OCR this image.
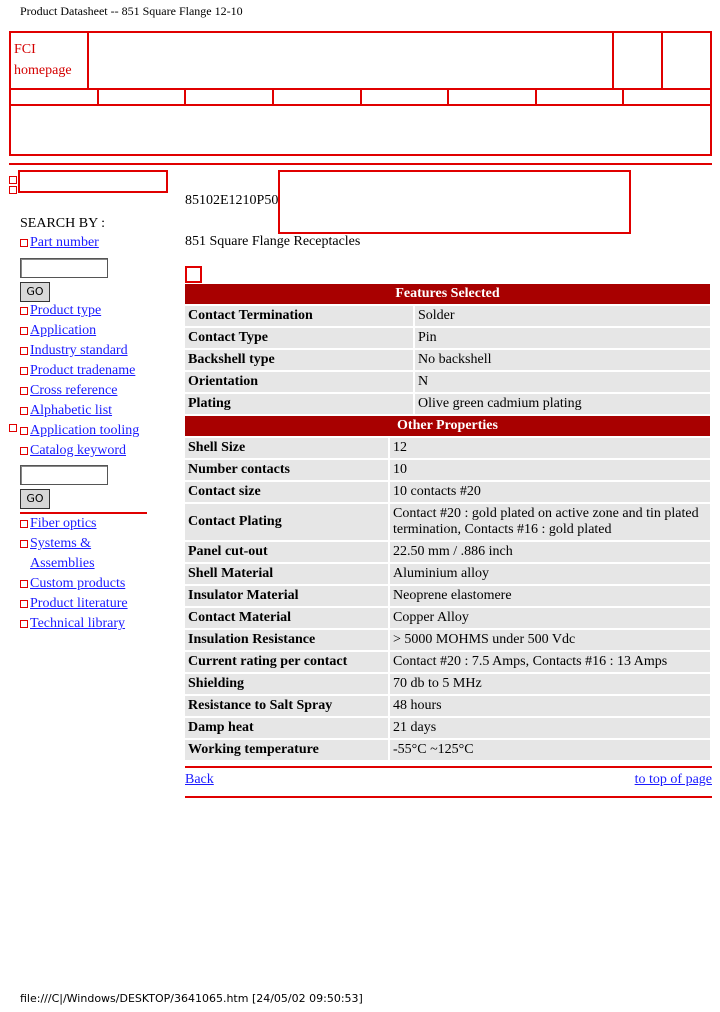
Product Datasheet -- 851 Square Flange 12-10
FCI
homepage
SEARCH BY :
Part number
GO
Product type
Application
Industry standard
Product tradename
Cross reference
Alphabetic list
Application tooling
Catalog keyword
GO
Fiber optics
Systems &
Assemblies
Custom products
Product literature
Technical library
85102E1210P50
851 Square Flange Receptacles
Features Selected	
Contact Termination	Solder
Contact Type	Pin
Backshell type	No backshell
Orientation	N
Plating	Olive green cadmium plating
Other Properties	
Shell Size	12
Number contacts	10
Contact size	10 contacts #20
Contact Plating	Contact #20 : gold plated on active zone and tin plated termination, Contacts #16 : gold plated
Panel cut-out	22.50 mm / .886 inch
Shell Material	Aluminium alloy
Insulator Material	Neoprene elastomere
Contact Material	Copper Alloy
Insulation Resistance	> 5000 MOHMS under 500 Vdc
Current rating per contact	Contact #20 : 7.5 Amps, Contacts #16 : 13 Amps
Shielding	70 db to 5 MHz
Resistance to Salt Spray	48 hours
Damp heat	21 days
Working temperature	-55°C ~125°C
Back	to top of page
file:///C|/Windows/DESKTOP/3641065.htm [24/05/02 09:50:53]
